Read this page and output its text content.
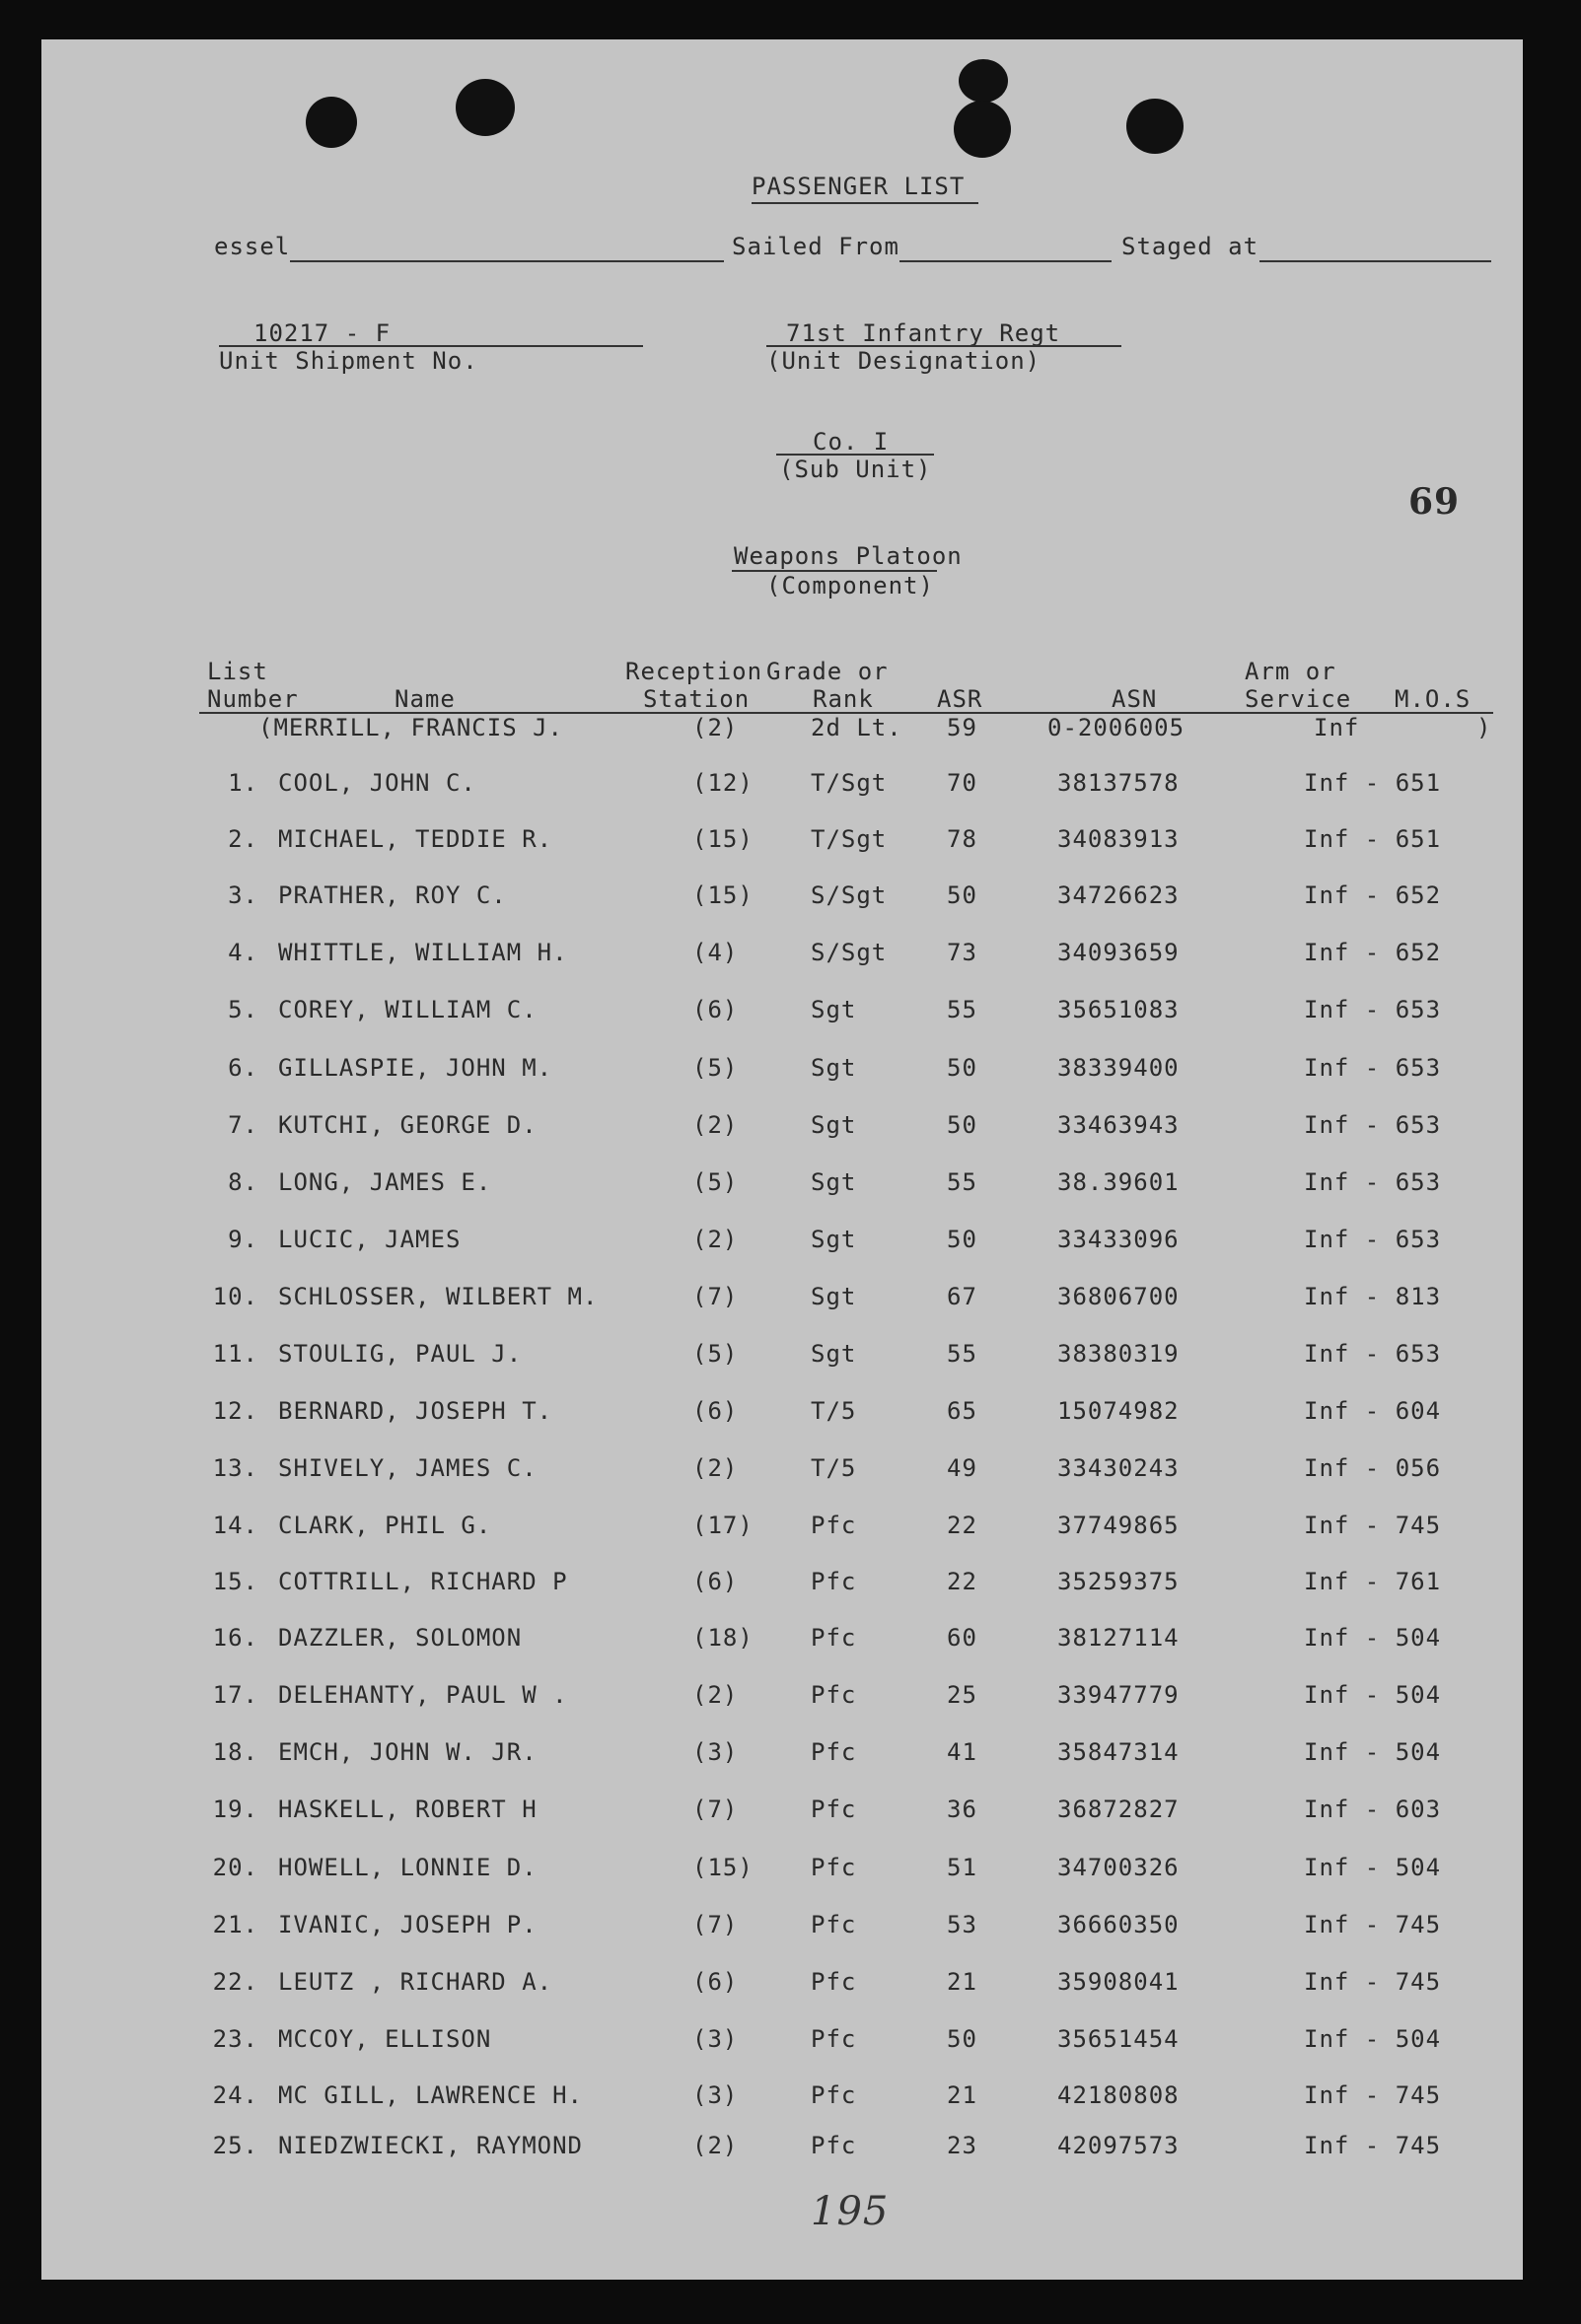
PASSENGER LIST
essel	Sailed From	Staged at
10217 - F
Unit Shipment No.
71st Infantry Regt
(Unit Designation)
Co. I
(Sub Unit)
69
Weapons Platoon
(Component)
List
Number	Name
Reception
Station
Grade or
Rank	ASR	ASN
Arm or
Service M.O.S
(MERRILL, FRANCIS J.	(2)	2d Lt. 59	0-2006005	Inf	)
1. COOL, JOHN C.	(12) T/Sgt	70	38137578	Inf - 651
2. MICHAEL, TEDDIE R.	(15) T/Sgt	78	34083913	Inf - 651
3. PRATHER, ROY C.	(15) S/Sgt	50	34726623	Inf - 652
4. WHITTLE, WILLIAM H.	(4)	S/Sgt	73	34093659	Inf - 652
5. COREY, WILLIAM C.	(6)	Sgt	55	35651083	Inf - 653
6. GILLASPIE, JOHN M.	(5)	Sgt	50	38339400	Inf - 653
7. KUTCHI, GEORGE D.	(2)	Sgt	50	33463943	Inf - 653
8. LONG, JAMES E.	(5)	Sgt	55	38.39601	Inf - 653
9. LUCIC, JAMES	(2)	Sgt	50	33433096	Inf - 653
10. SCHLOSSER, WILBERT M.	(7)	Sgt	67	36806700	Inf - 813
11. STOULIG, PAUL J.	(5)	Sgt	55	38380319	Inf - 653
12. BERNARD, JOSEPH T.	(6)	T/5	65	15074982	Inf - 604
13. SHIVELY, JAMES C.	(2)	T/5	49	33430243	Inf - 056
14. CLARK, PHIL G.	(17) Pfc	22	37749865	Inf - 745
15. COTTRILL, RICHARD P	(6)	Pfc	22	35259375	Inf - 761
16. DAZZLER, SOLOMON	(18) Pfc	60	38127114	Inf - 504
17. DELEHANTY, PAUL W .	(2)	Pfc	25	33947779	Inf - 504
18. EMCH, JOHN W. JR.	(3)	Pfc	41	35847314	Inf - 504
19. HASKELL, ROBERT H	(7)	Pfc	36	36872827	Inf - 603
20. HOWELL, LONNIE D.	(15) Pfc	51	34700326	Inf - 504
21. IVANIC, JOSEPH P.	(7)	Pfc	53	36660350	Inf - 745
22. LEUTZ , RICHARD A.	(6)	Pfc	21	35908041	Inf - 745
23. MCCOY, ELLISON	(3)	Pfc	50	35651454	Inf - 504
24. MC GILL, LAWRENCE H.	(3)	Pfc	21	42180808	Inf - 745
25. NIEDZWIECKI, RAYMOND	(2)	Pfc	23	42097573	Inf - 745
195
